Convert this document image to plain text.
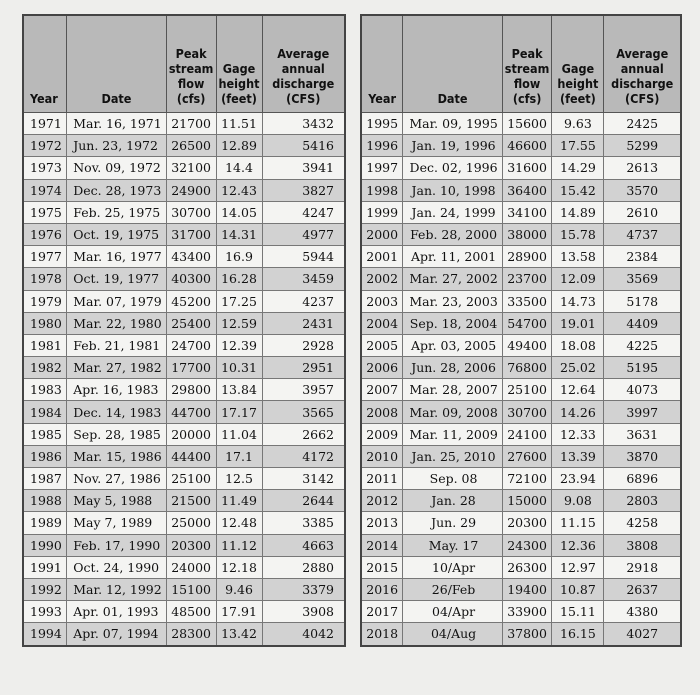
Year	Date	Peak
stream
flow (cfs)	Gage
height
(feet)	Average
annual
discharge
(CFS)
1971	Mar. 16, 1971	21700	11.51	3432
1972	Jun. 23, 1972	26500	12.89	5416
1973	Nov. 09, 1972	32100	14.4	3941
1974	Dec. 28, 1973	24900	12.43	3827
1975	Feb. 25, 1975	30700	14.05	4247
1976	Oct. 19, 1975	31700	14.31	4977
1977	Mar. 16, 1977	43400	16.9	5944
1978	Oct. 19, 1977	40300	16.28	3459
1979	Mar. 07, 1979	45200	17.25	4237
1980	Mar. 22, 1980	25400	12.59	2431
1981	Feb. 21, 1981	24700	12.39	2928
1982	Mar. 27, 1982	17700	10.31	2951
1983	Apr. 16, 1983	29800	13.84	3957
1984	Dec. 14, 1983	44700	17.17	3565
1985	Sep. 28, 1985	20000	11.04	2662
1986	Mar. 15, 1986	44400	17.1	4172
1987	Nov. 27, 1986	25100	12.5	3142
1988	May 5, 1988	21500	11.49	2644
1989	May 7, 1989	25000	12.48	3385
1990	Feb. 17, 1990	20300	11.12	4663
1991	Oct. 24, 1990	24000	12.18	2880
1992	Mar. 12, 1992	15100	9.46	3379
1993	Apr. 01, 1993	48500	17.91	3908
1994	Apr. 07, 1994	28300	13.42	4042
Year	Date	Peak
stream
flow
(cfs)	Gage
height
(feet)	Average
annual
discharge
(CFS)
1995	Mar. 09, 1995	15600	9.63	2425
1996	Jan. 19, 1996	46600	17.55	5299
1997	Dec. 02, 1996	31600	14.29	2613
1998	Jan. 10, 1998	36400	15.42	3570
1999	Jan. 24, 1999	34100	14.89	2610
2000	Feb. 28, 2000	38000	15.78	4737
2001	Apr. 11, 2001	28900	13.58	2384
2002	Mar. 27, 2002	23700	12.09	3569
2003	Mar. 23, 2003	33500	14.73	5178
2004	Sep. 18, 2004	54700	19.01	4409
2005	Apr. 03, 2005	49400	18.08	4225
2006	Jun. 28, 2006	76800	25.02	5195
2007	Mar. 28, 2007	25100	12.64	4073
2008	Mar. 09, 2008	30700	14.26	3997
2009	Mar. 11, 2009	24100	12.33	3631
2010	Jan. 25, 2010	27600	13.39	3870
2011	Sep. 08	72100	23.94	6896
2012	Jan. 28	15000	9.08	2803
2013	Jun. 29	20300	11.15	4258
2014	May. 17	24300	12.36	3808
2015	10/Apr	26300	12.97	2918
2016	26/Feb	19400	10.87	2637
2017	04/Apr	33900	15.11	4380
2018	04/Aug	37800	16.15	4027
